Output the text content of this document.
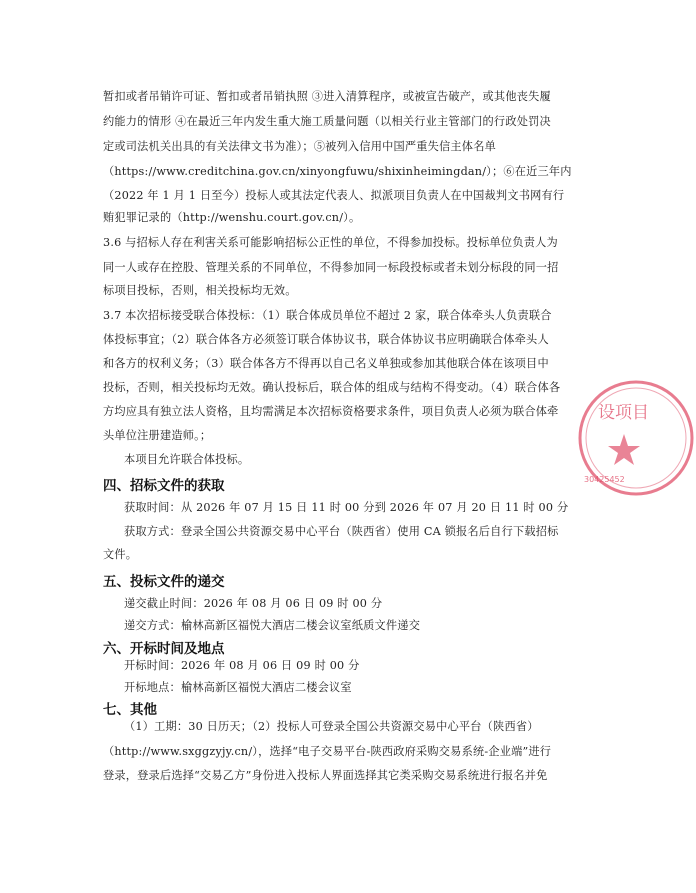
暂扣或者吊销许可证、暂扣或者吊销执照 ③进入清算程序，或被宣告破产，或其他丧失履
约能力的情形 ④在最近三年内发生重大施工质量问题（以相关行业主管部门的行政处罚决
定或司法机关出具的有关法律文书为准）；⑤被列入信用中国严重失信主体名单
（https://www.creditchina.gov.cn/xinyongfuwu/shixinheimingdan/）；⑥在近三年内
（2022 年 1 月 1 日至今）投标人或其法定代表人、拟派项目负责人在中国裁判文书网有行
贿犯罪记录的（http://wenshu.court.gov.cn/）。
3.6 与招标人存在利害关系可能影响招标公正性的单位，不得参加投标。投标单位负责人为
同一人或存在控股、管理关系的不同单位，不得参加同一标段投标或者未划分标段的同一招
标项目投标，否则，相关投标均无效。
3.7 本次招标接受联合体投标：（1）联合体成员单位不超过 2 家，联合体牵头人负责联合
体投标事宜；（2）联合体各方必须签订联合体协议书，联合体协议书应明确联合体牵头人
和各方的权利义务；（3）联合体各方不得再以自己名义单独或参加其他联合体在该项目中
投标，否则，相关投标均无效。确认投标后，联合体的组成与结构不得变动。（4）联合体各
方均应具有独立法人资格，且均需满足本次招标资格要求条件，项目负责人必须为联合体牵
头单位注册建造师。；
本项目允许联合体投标。
四、招标文件的获取
获取时间：从 2026 年 07 月 15 日 11 时 00 分到 2026 年 07 月 20 日 11 时 00 分
获取方式：登录全国公共资源交易中心平台（陕西省）使用 CA 锁报名后自行下载招标
文件。
五、投标文件的递交
递交截止时间：2026 年 08 月 06 日 09 时 00 分
递交方式：榆林高新区福悦大酒店二楼会议室纸质文件递交
六、开标时间及地点
开标时间：2026 年 08 月 06 日 09 时 00 分
开标地点：榆林高新区福悦大酒店二楼会议室
七、其他
（1）工期：30 日历天；（2）投标人可登录全国公共资源交易中心平台（陕西省）
（http://www.sxggzyjy.cn/），选择“电子交易平台-陕西政府采购交易系统-企业端”进行
登录，登录后选择“交易乙方”身份进入投标人界面选择其它类采购交易系统进行报名并免
设项目
30425452
